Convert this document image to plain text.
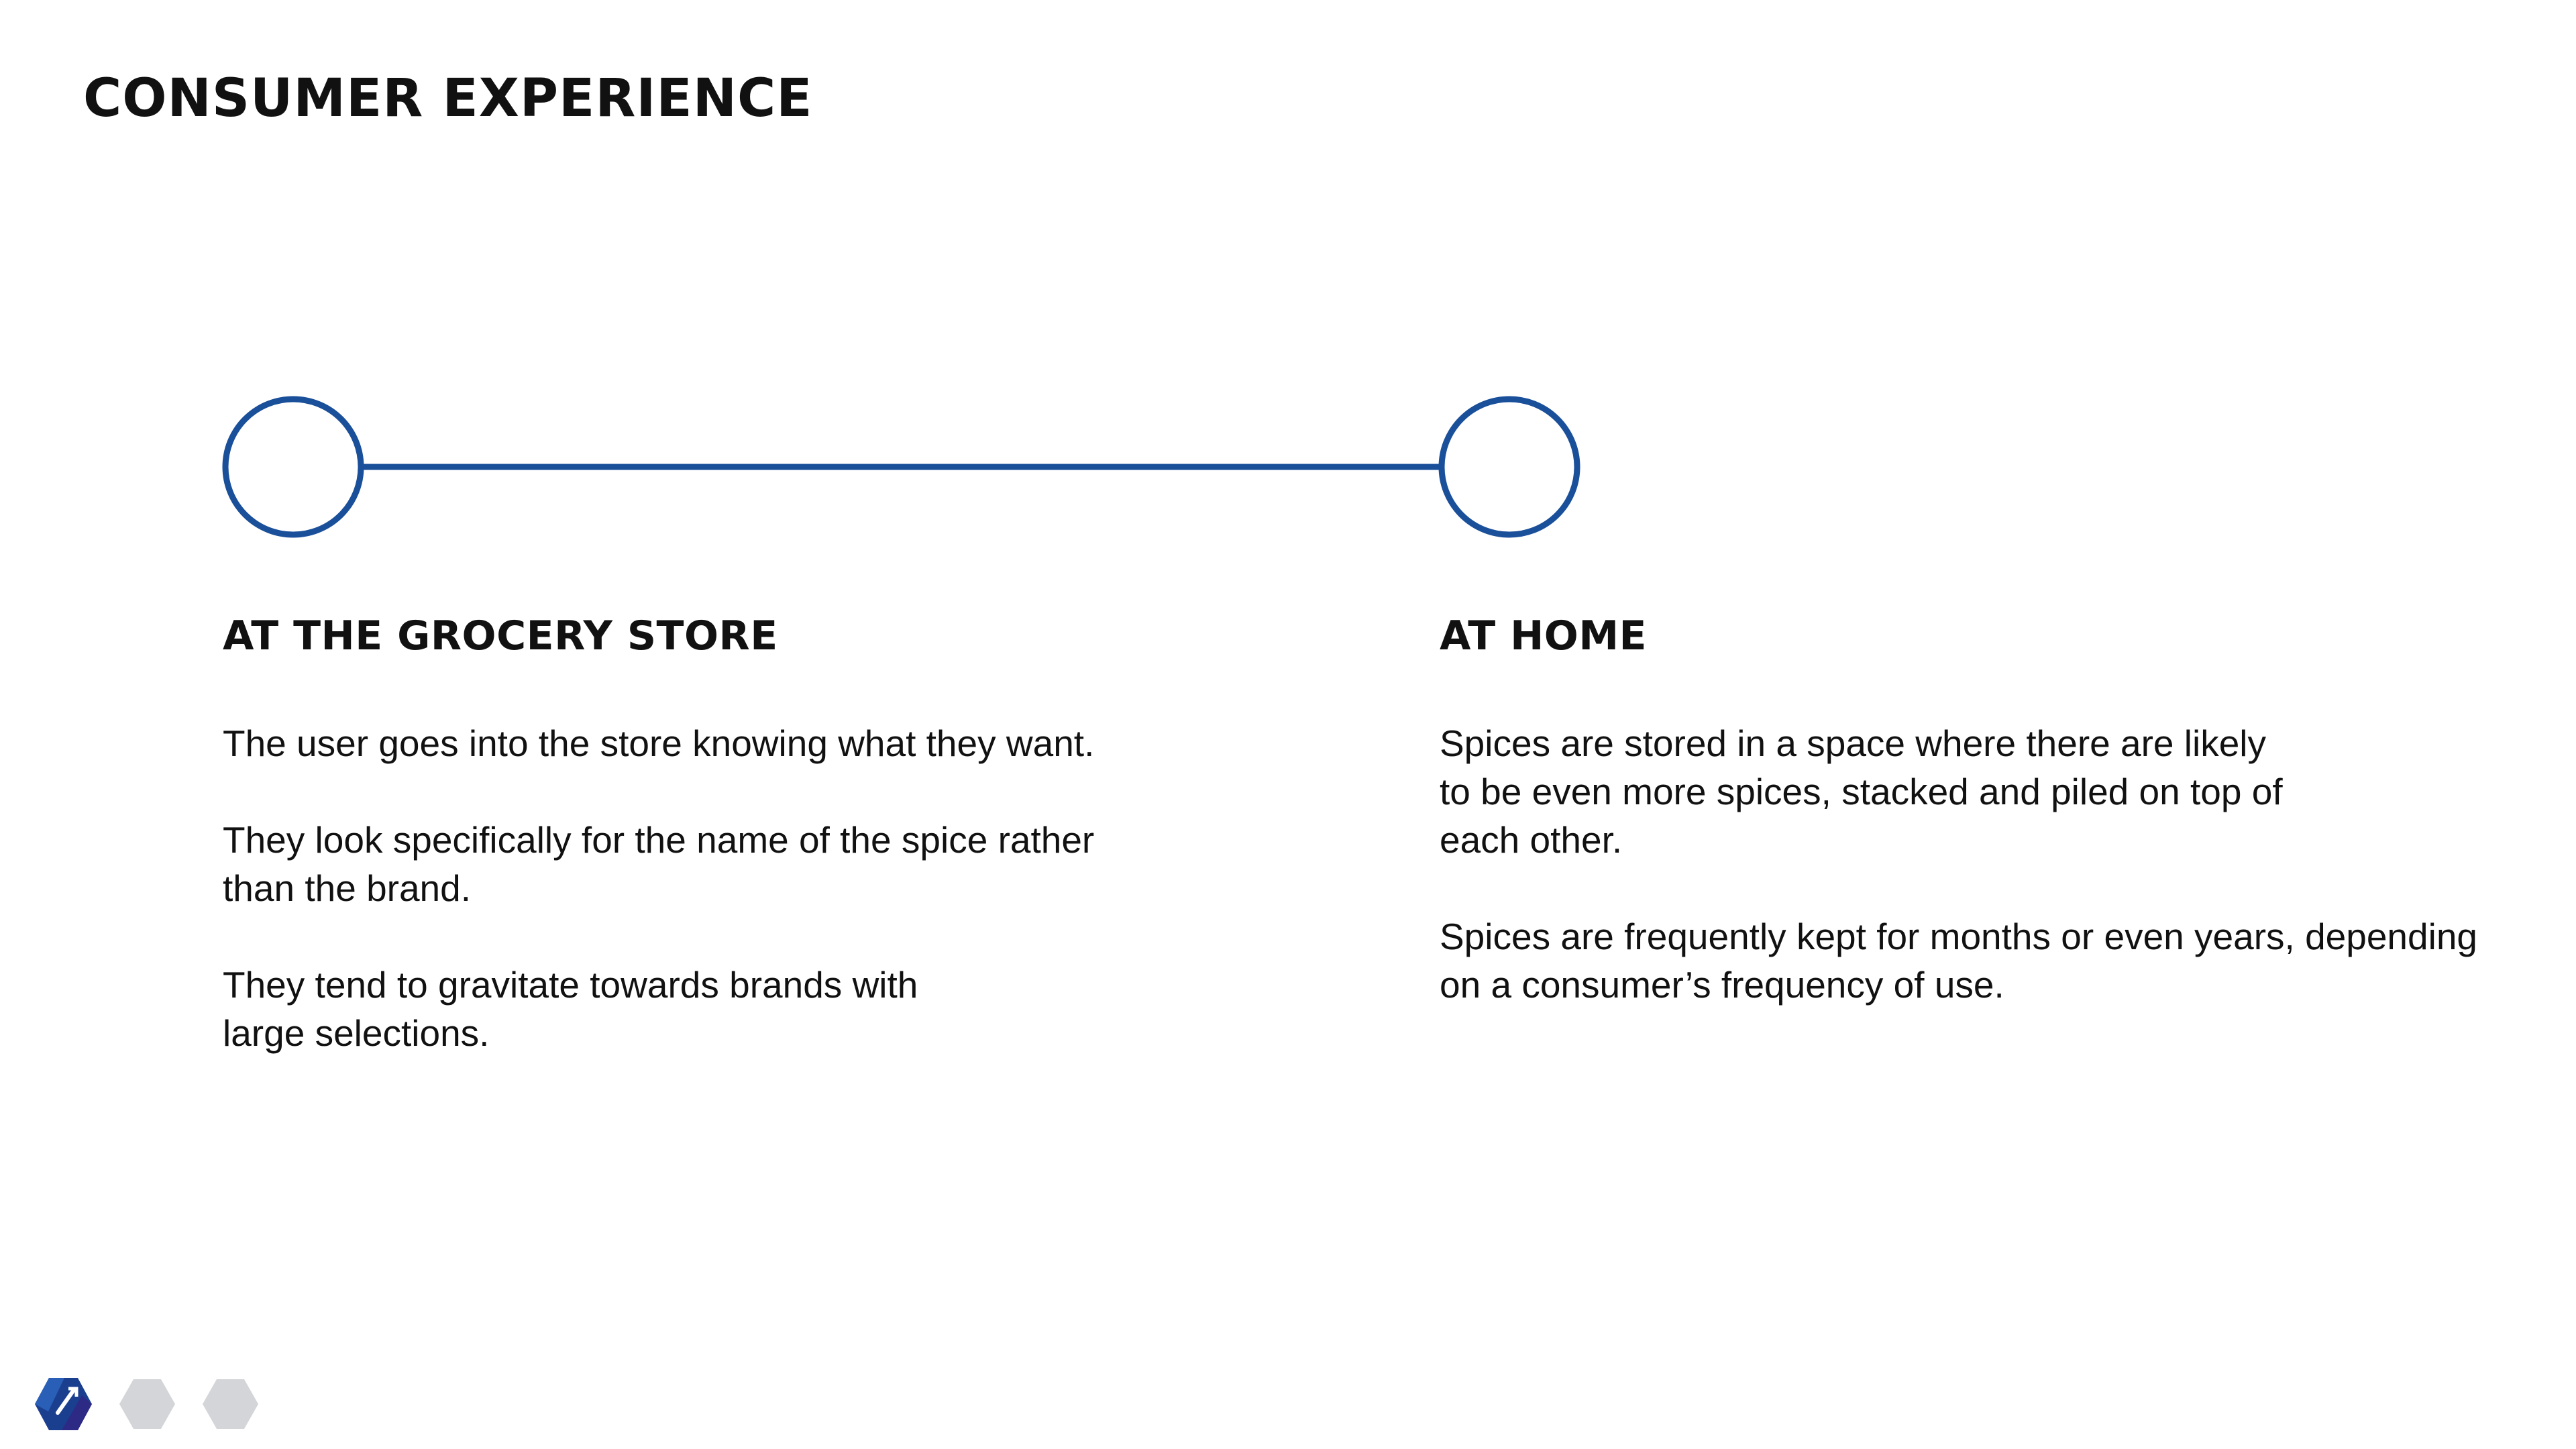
CONSUMER EXPERIENCE
AT THE GROCERY STORE

The user goes into the store knowing what they want.

They look specifically for the name of the spice rather
than the brand.

They tend to gravitate towards brands with
large selections.

AT HOME

Spices are stored in a space where there are likely
to be even more spices, stacked and piled on top of
each other.

Spices are frequently kept for months or even years, depending
on a consumer’s frequency of use.
